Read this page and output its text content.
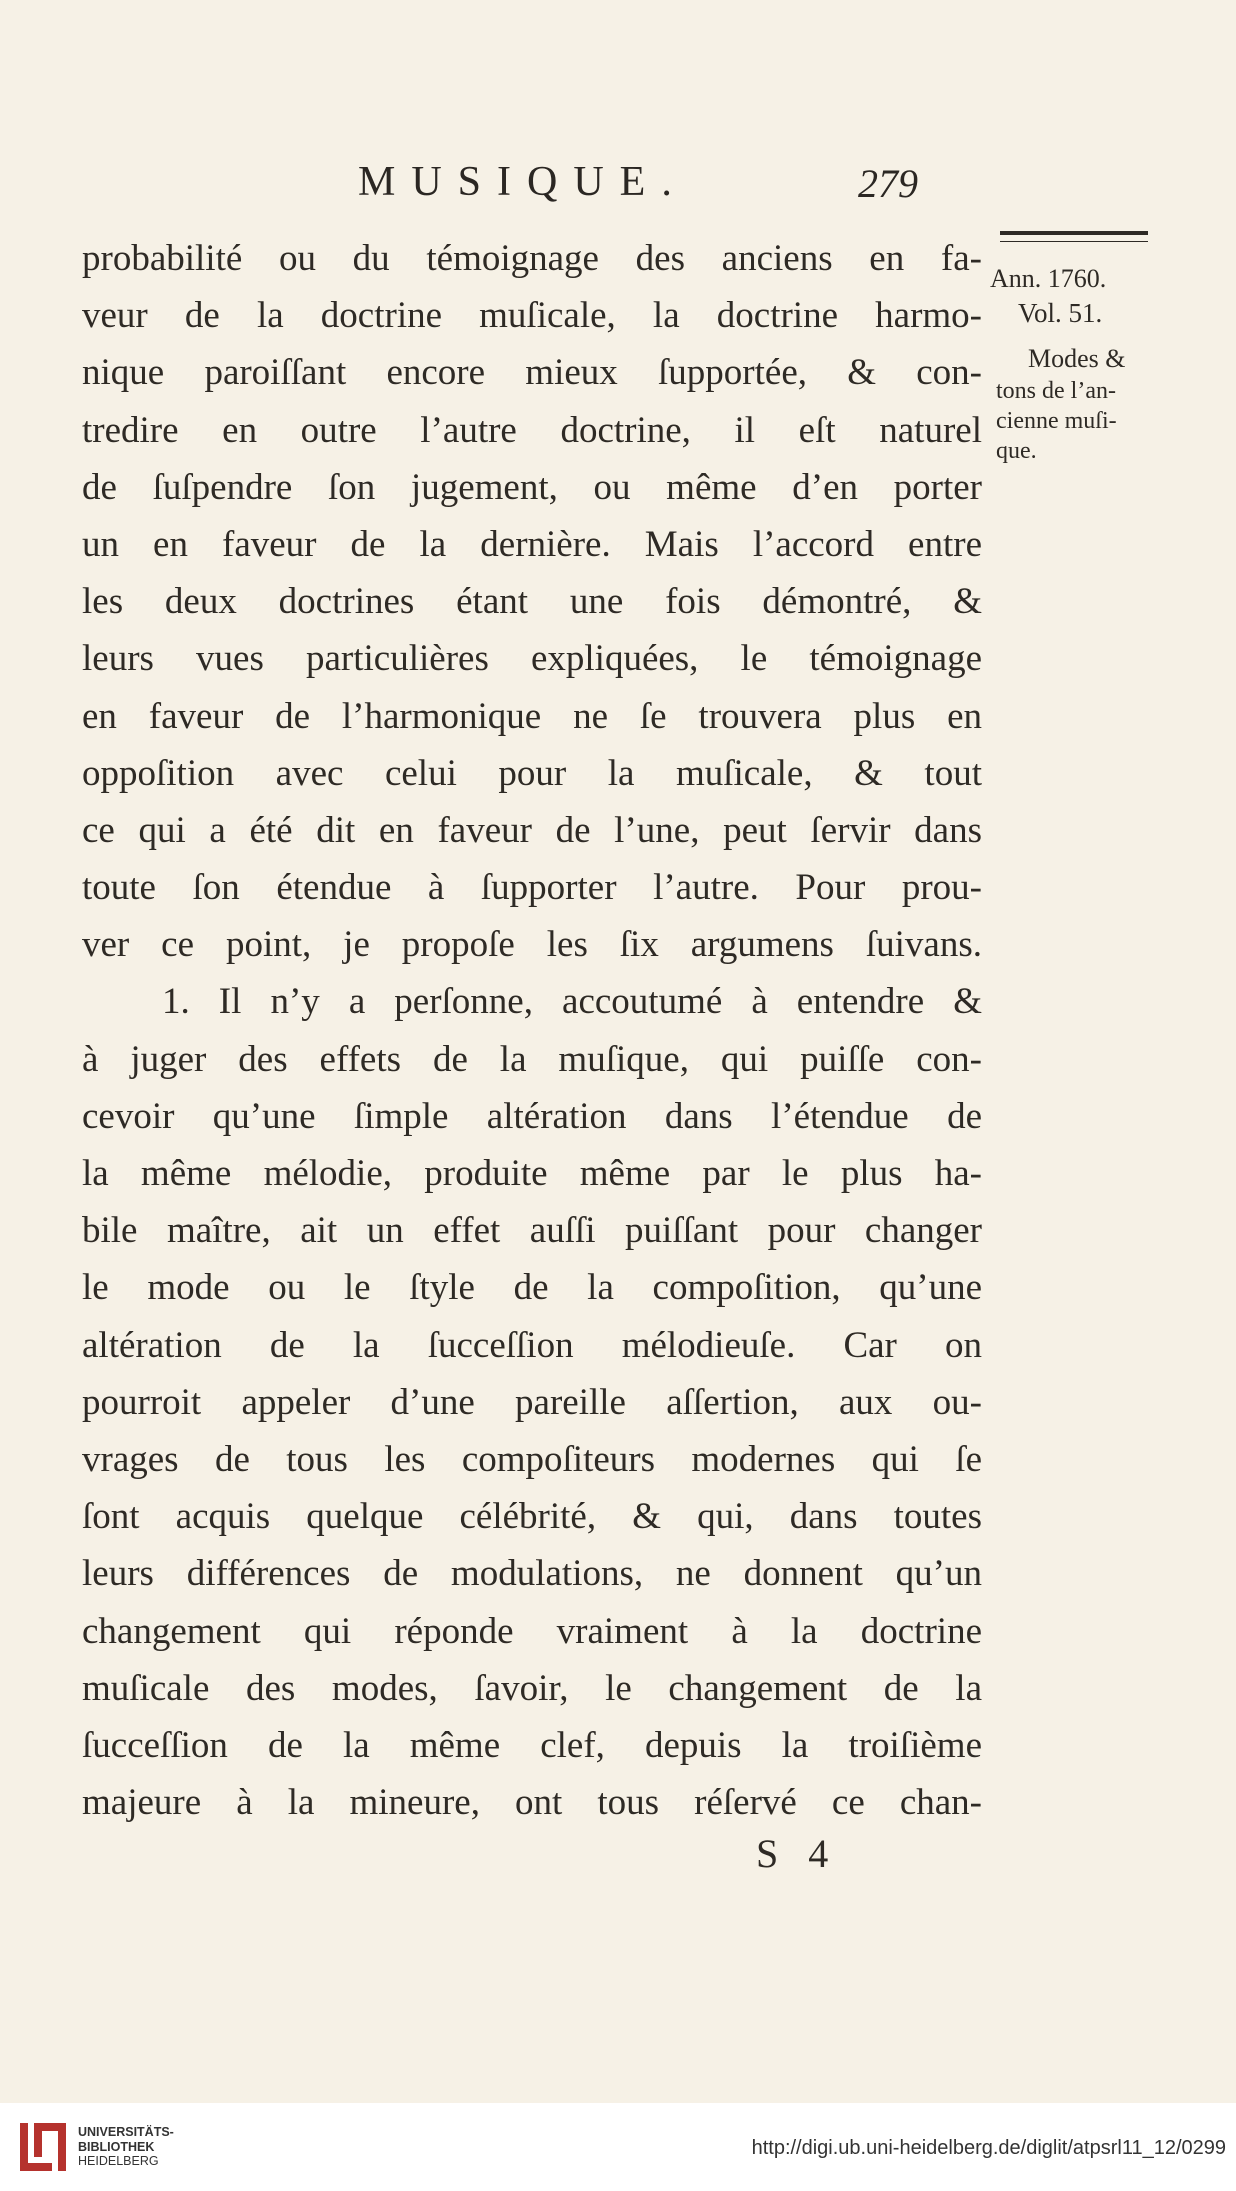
MUSIQUE.	279
probabilité ou du témoignage des anciens en fa-
veur de la doctrine muſicale, la doctrine harmo-
nique paroiſſant encore mieux ſupportée, & con-
tredire en outre l’autre doctrine, il eſt naturel
de ſuſpendre ſon jugement, ou même d’en porter
un en faveur de la dernière. Mais l’accord entre
les deux doctrines étant une fois démontré, &
leurs vues particulières expliquées, le témoignage
en faveur de l’harmonique ne ſe trouvera plus en
oppoſition avec celui pour la muſicale, & tout
ce qui a été dit en faveur de l’une, peut ſervir dans
toute ſon étendue à ſupporter l’autre. Pour prou-
ver ce point, je propoſe les ſix argumens ſuivans.
1. Il n’y a perſonne, accoutumé à entendre &
à juger des effets de la muſique, qui puiſſe con-
cevoir qu’une ſimple altération dans l’étendue de
la même mélodie, produite même par le plus ha-
bile maître, ait un effet auſſi puiſſant pour changer
le mode ou le ſtyle de la compoſition, qu’une
altération de la ſucceſſion mélodieuſe. Car on
pourroit appeler d’une pareille aſſertion, aux ou-
vrages de tous les compoſiteurs modernes qui ſe
ſont acquis quelque célébrité, & qui, dans toutes
leurs différences de modulations, ne donnent qu’un
changement qui réponde vraiment à la doctrine
muſicale des modes, ſavoir, le changement de la
ſucceſſion de la même clef, depuis la troiſième
majeure à la mineure, ont tous réſervé ce chan-
Ann. 1760.
Vol. 51.
Modes &
tons de l’an-
cienne muſi-
que.
S 4
UNIVERSITÄTS-
BIBLIOTHEK
HEIDELBERG
http://digi.ub.uni-heidelberg.de/diglit/atpsrl11_12/0299
